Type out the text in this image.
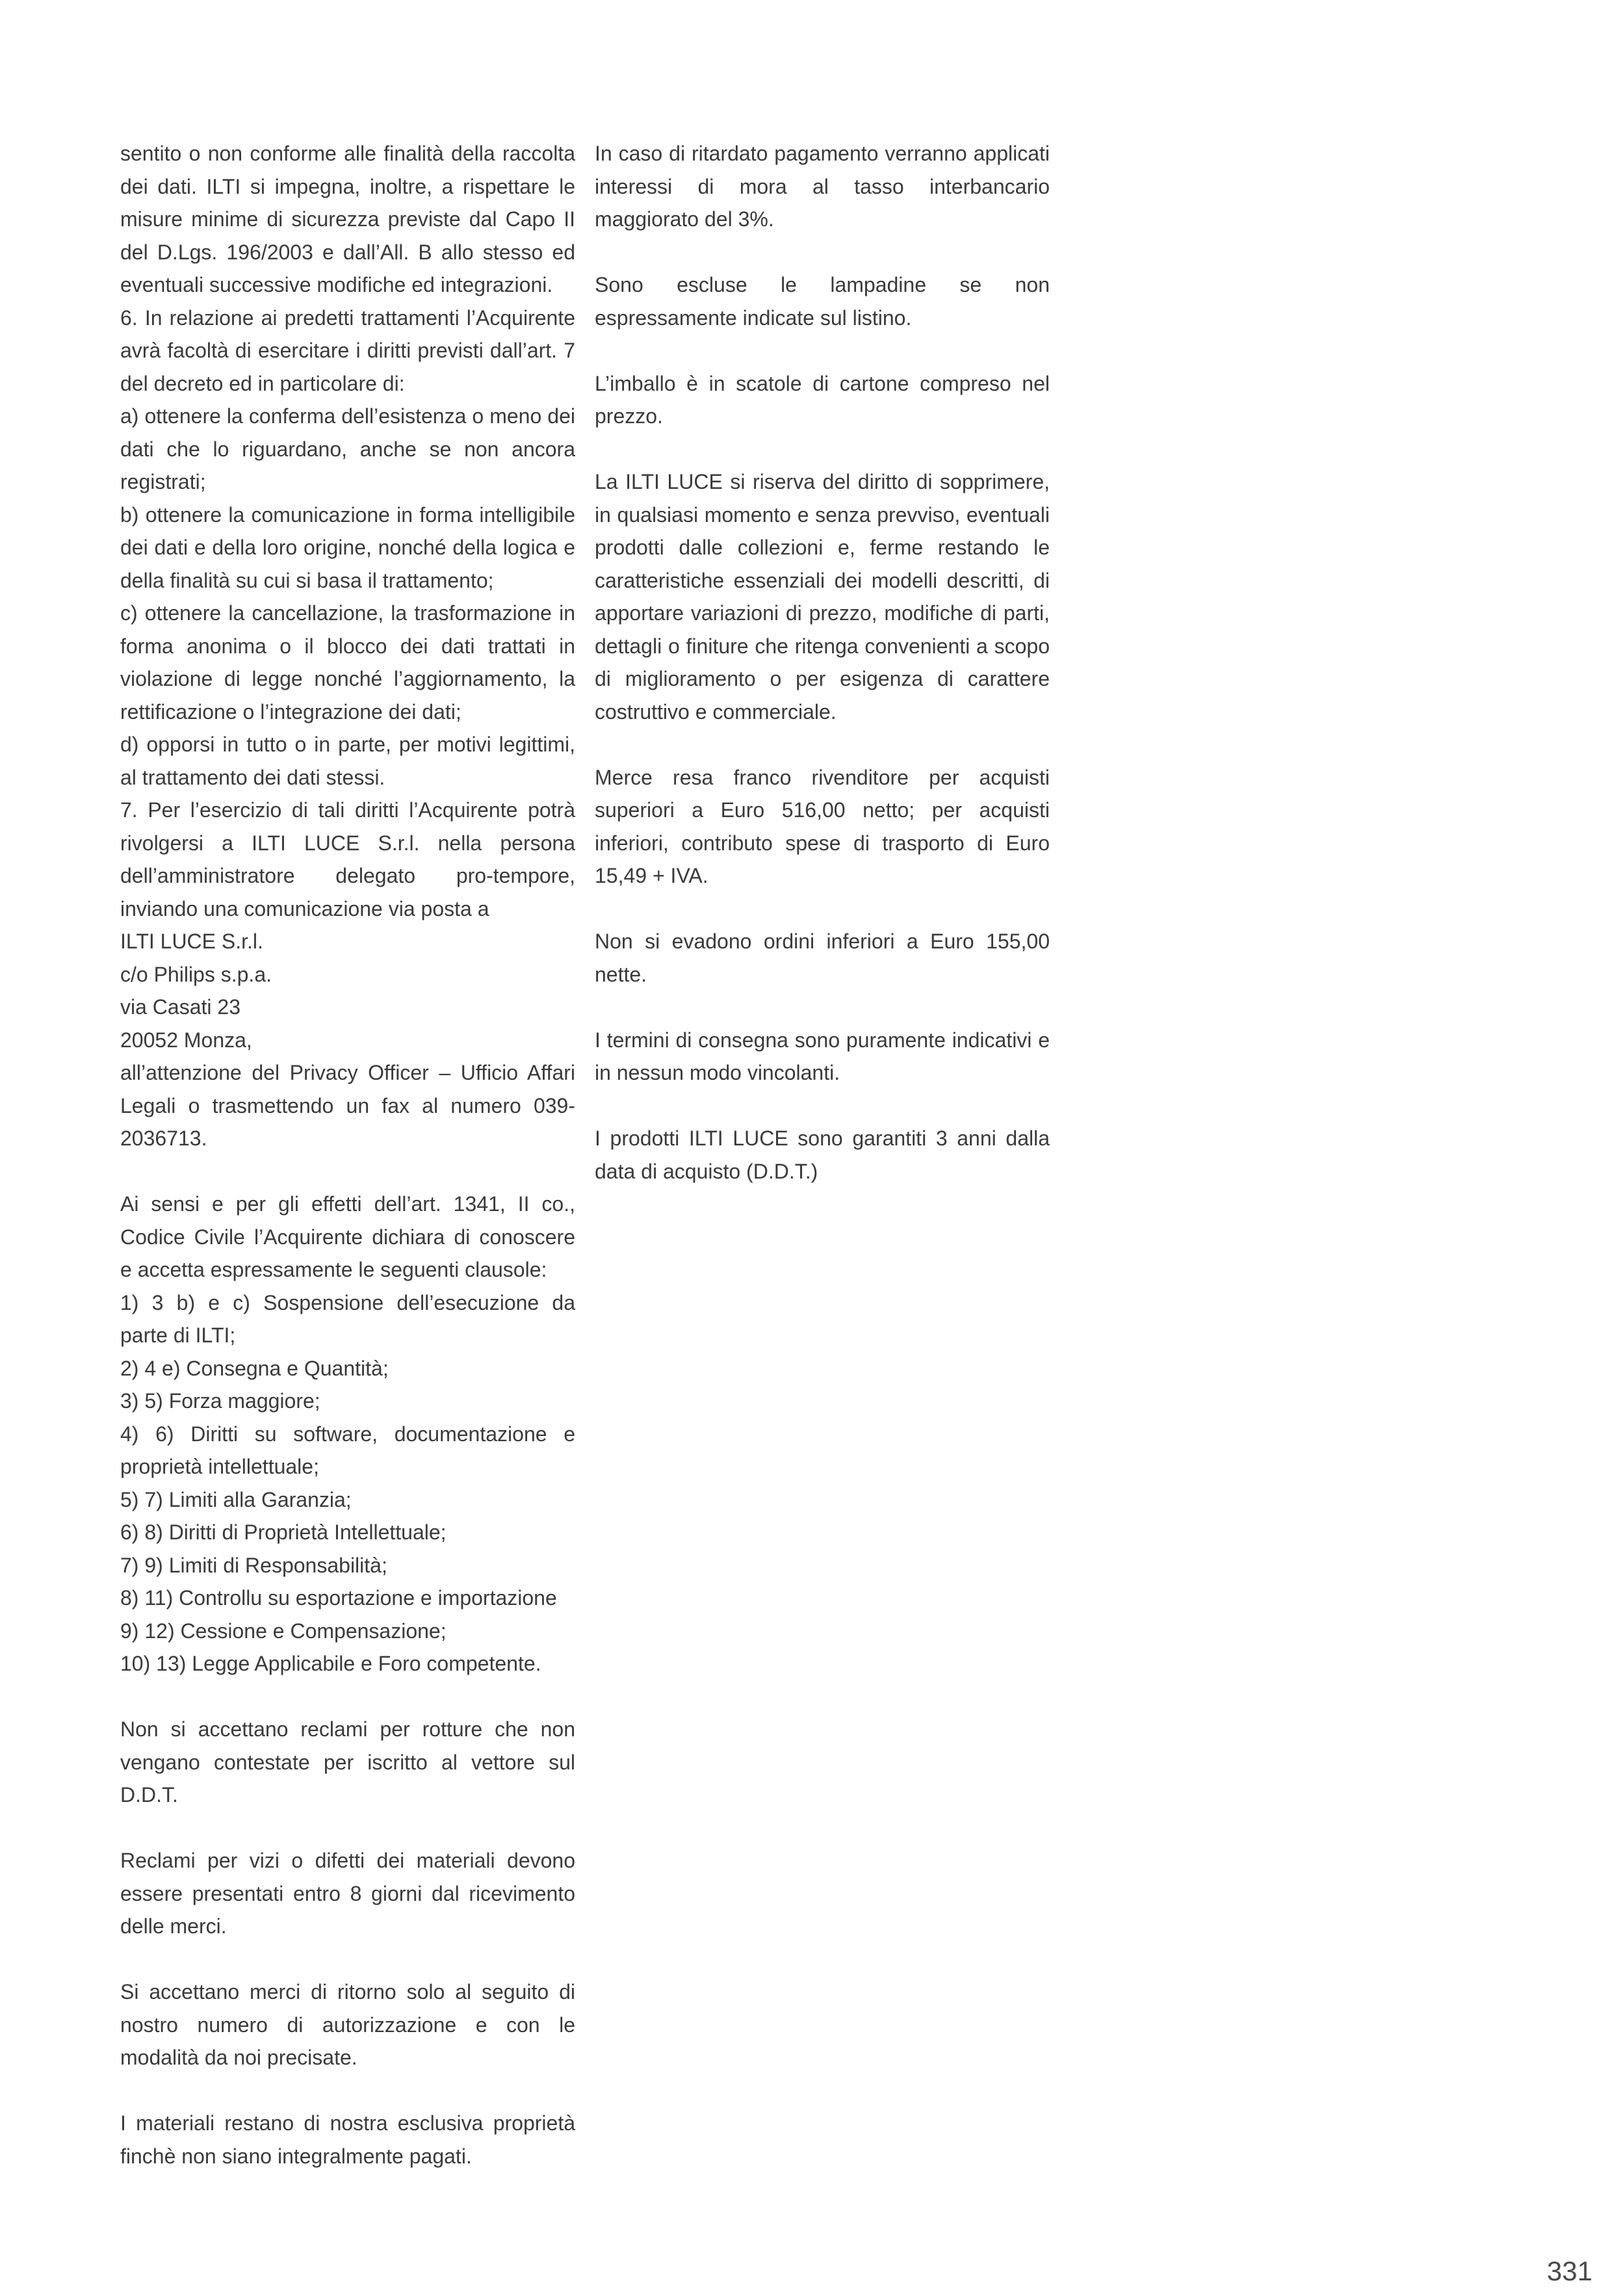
sentito o non conforme alle finalità della raccolta dei dati. ILTI si impegna, inoltre, a rispettare le misure minime di sicurezza previste dal Capo II del D.Lgs. 196/2003 e dall’All. B allo stesso ed eventuali successive modifiche ed integrazioni.
6. In relazione ai predetti trattamenti l’Acquirente avrà facoltà di esercitare i diritti previsti dall’art. 7 del decreto ed in particolare di:
a) ottenere la conferma dell’esistenza o meno dei dati che lo riguardano, anche se non ancora registrati;
b) ottenere la comunicazione in forma intelligibile dei dati e della loro origine, nonché della logica e della finalità su cui si basa il trattamento;
c) ottenere la cancellazione, la trasformazione in forma anonima o il blocco dei dati trattati in violazione di legge nonché l’aggiornamento, la rettificazione o l’integrazione dei dati;
d) opporsi in tutto o in parte, per motivi legittimi, al trattamento dei dati stessi.
7. Per l’esercizio di tali diritti l’Acquirente potrà rivolgersi a ILTI LUCE S.r.l. nella persona dell’amministratore delegato pro-tempore, inviando una comunicazione via posta a
ILTI LUCE S.r.l.
c/o Philips s.p.a.
via Casati 23
20052 Monza,
all’attenzione del Privacy Officer – Ufficio Affari Legali o trasmettendo un fax al numero 039-2036713.
Ai sensi e per gli effetti dell’art. 1341, II co., Codice Civile l’Acquirente dichiara di conoscere e accetta espressamente le seguenti clausole:
1) 3 b) e c) Sospensione dell’esecuzione da parte di ILTI;
2) 4 e) Consegna e Quantità;
3) 5) Forza maggiore;
4) 6) Diritti su software, documentazione e proprietà intellettuale;
5) 7) Limiti alla Garanzia;
6) 8) Diritti di Proprietà Intellettuale;
7) 9) Limiti di Responsabilità;
8) 11) Controllu su esportazione e importazione
9) 12) Cessione e Compensazione;
10) 13) Legge Applicabile e Foro competente.

Non si accettano reclami per rotture che non vengano contestate per iscritto al vettore sul D.D.T.

Reclami per vizi o difetti dei materiali devono essere presentati entro 8 giorni dal ricevimento delle merci.

Si accettano merci di ritorno solo al seguito di nostro numero di autorizzazione e con le modalità da noi precisate.

I materiali restano di nostra esclusiva proprietà finchè non siano integralmente pagati.

In caso di ritardato pagamento verranno applicati interessi di mora al tasso interbancario maggiorato del 3%.

Sono escluse le lampadine se non espressamente indicate sul listino.

L’imballo è in scatole di cartone compreso nel prezzo.

La ILTI LUCE si riserva del diritto di sopprimere, in qualsiasi momento e senza prevviso, eventuali prodotti dalle collezioni e, ferme restando le caratteristiche essenziali dei modelli descritti, di apportare variazioni di prezzo, modifiche di parti, dettagli o finiture che ritenga convenienti a scopo di miglioramento o per esigenza di carattere costruttivo e commerciale.

Merce resa franco rivenditore per acquisti superiori a Euro 516,00 netto; per acquisti inferiori, contributo spese di trasporto di Euro 15,49 + IVA.

Non si evadono ordini inferiori a Euro 155,00 nette.

I termini di consegna sono puramente indicativi e in nessun modo vincolanti.

I prodotti ILTI LUCE sono garantiti 3 anni dalla data di acquisto (D.D.T.)

331
